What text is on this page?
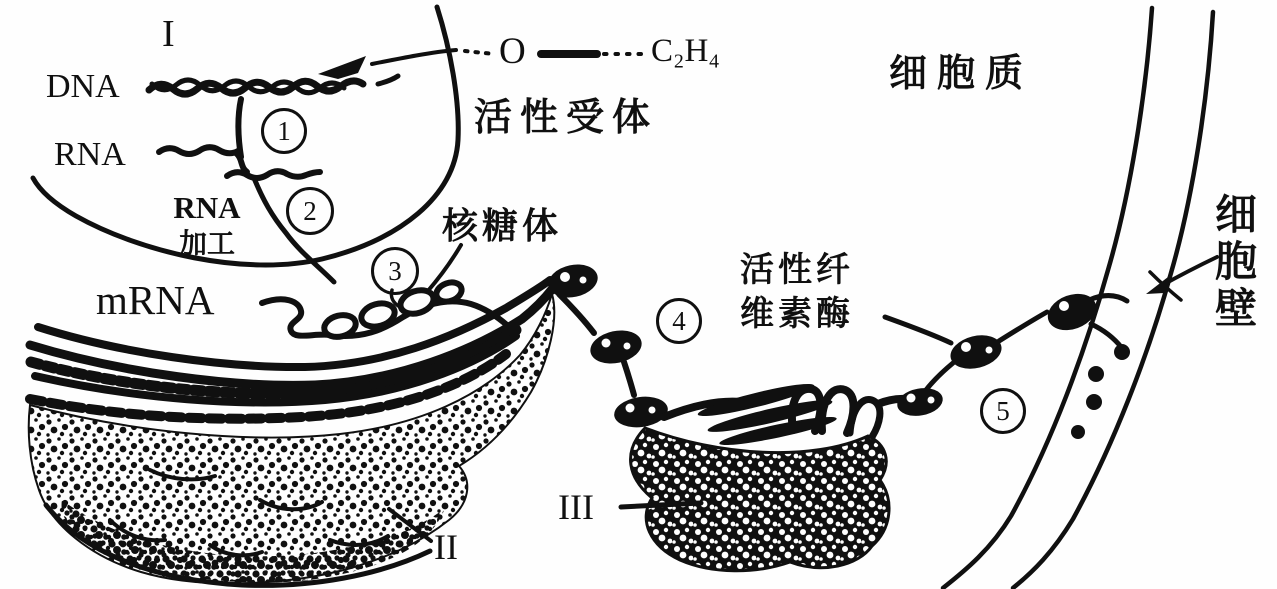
I
DNA
RNA
RNA
加工
mRNA
核糖体
活性受体
O	C₂H₄
细胞质
活性纤
维素酶	细胞壁
II
III
1
2
3
4
5
